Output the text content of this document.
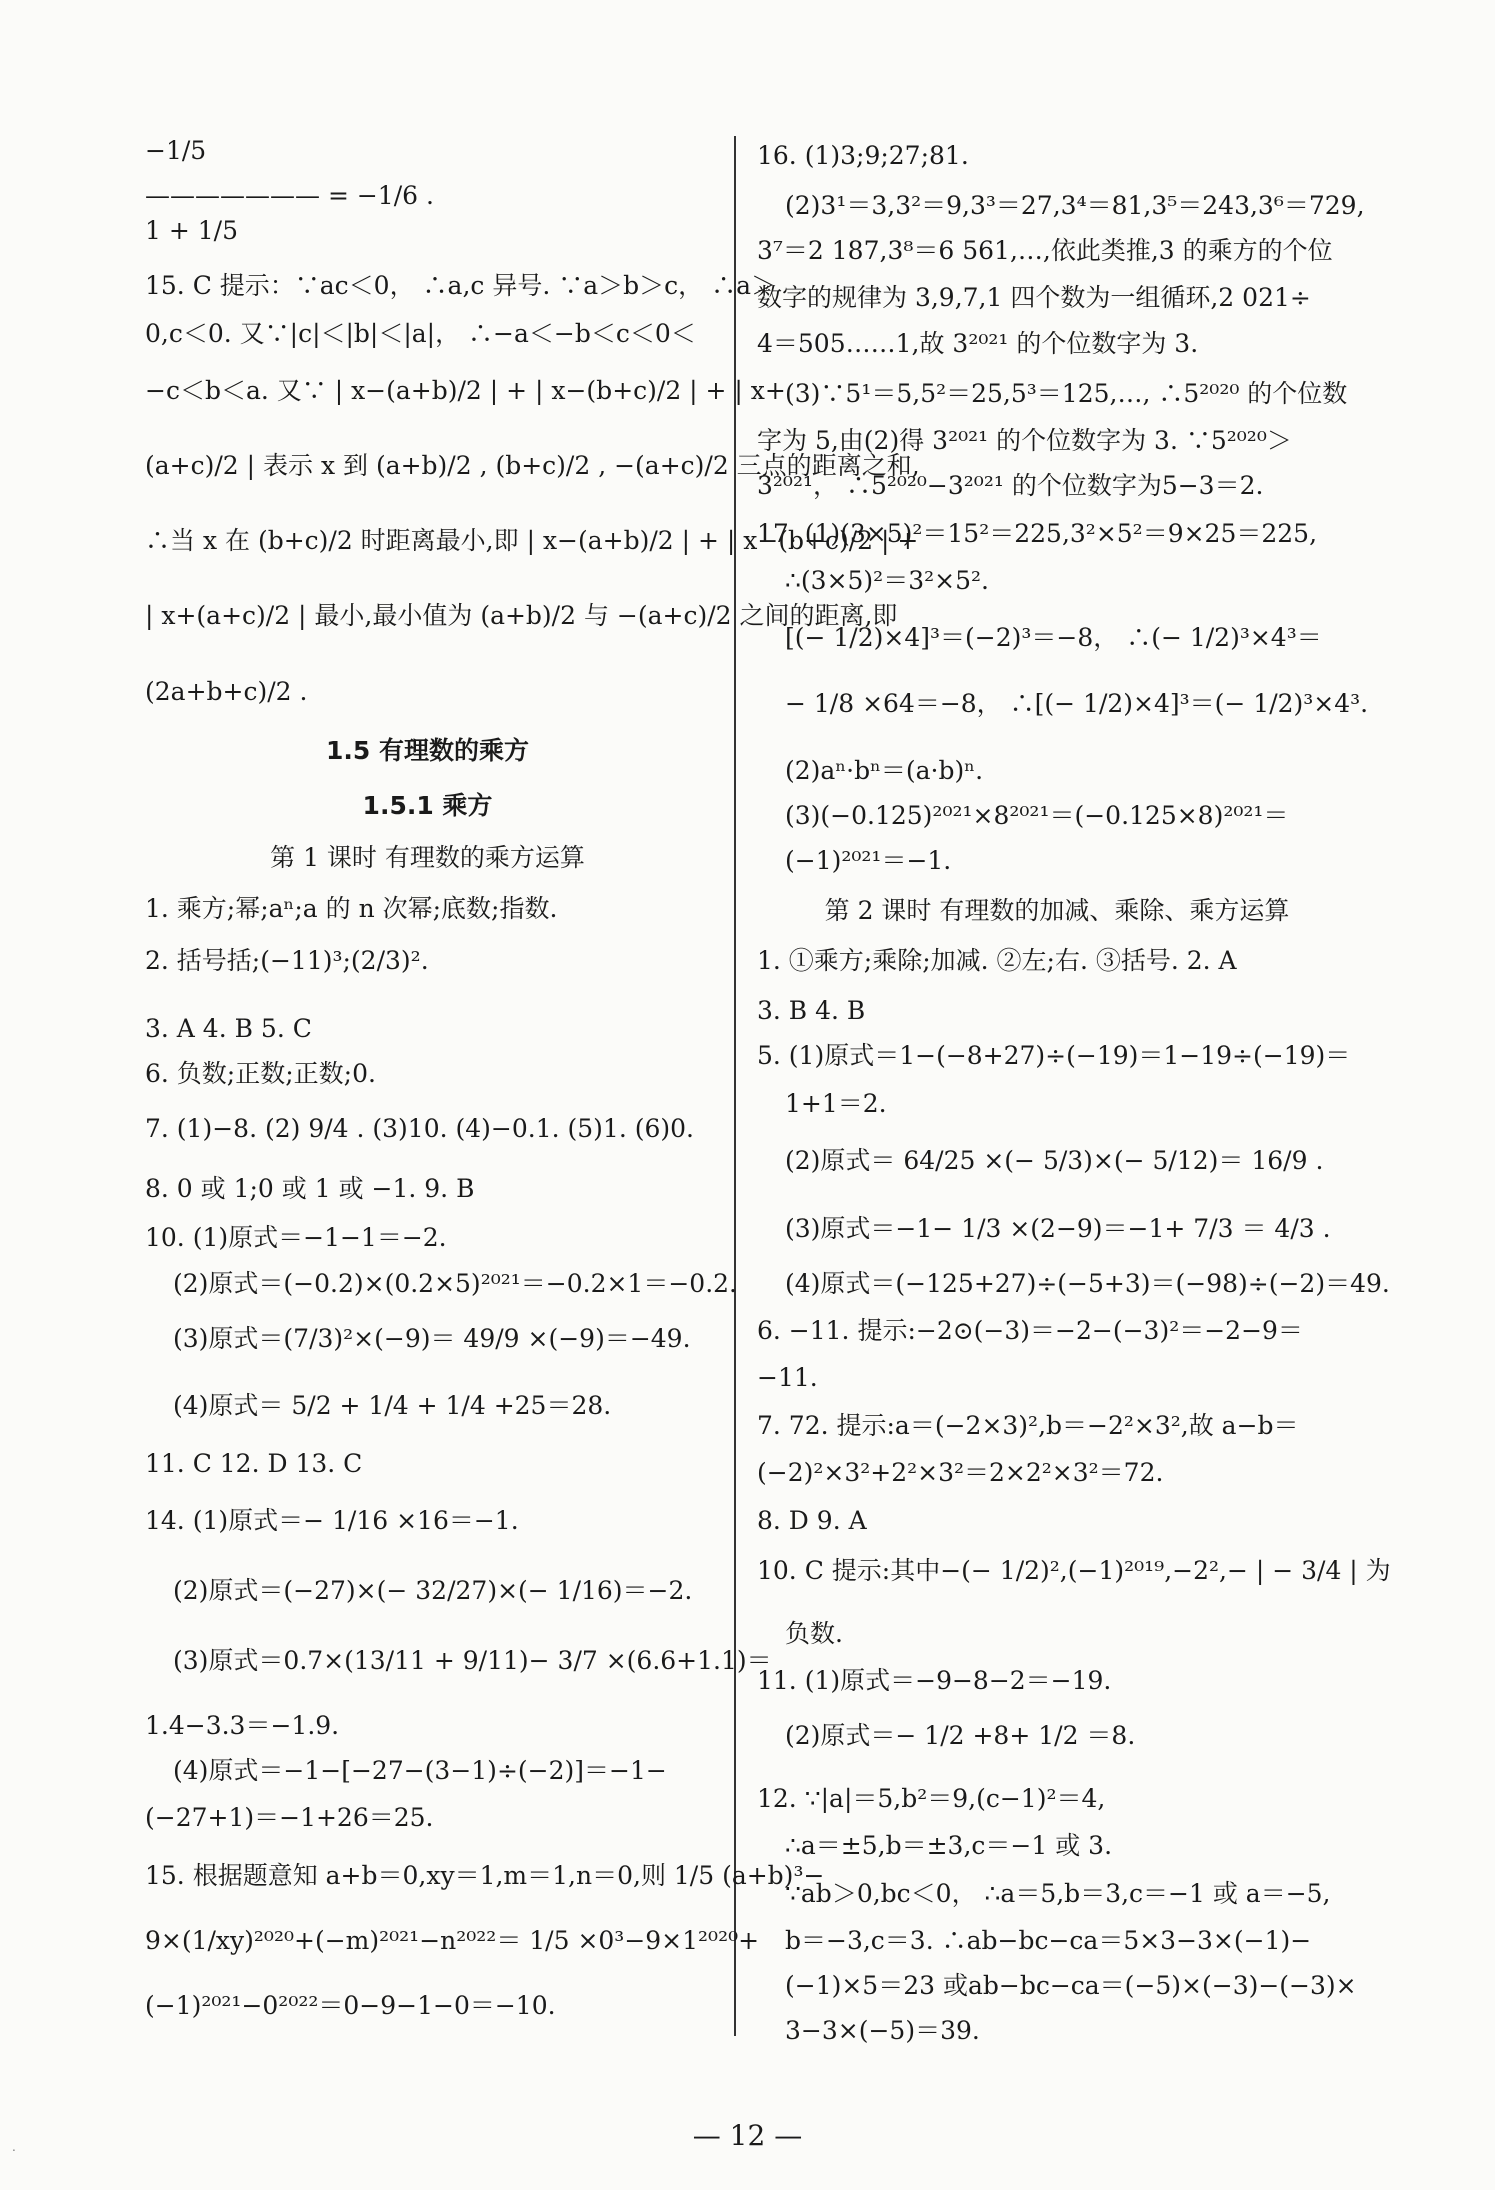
−1/5
——————— = −1/6 .
1 + 1/5
15. C 提示：∵ac＜0， ∴a,c 异号. ∵a＞b＞c， ∴a＞
0,c＜0. 又∵|c|＜|b|＜|a|， ∴−a＜−b＜c＜0＜
−c＜b＜a. 又∵ | x−(a+b)/2 | + | x−(b+c)/2 | + | x+
(a+c)/2 | 表示 x 到 (a+b)/2 , (b+c)/2 , −(a+c)/2 三点的距离之和,
∴当 x 在 (b+c)/2 时距离最小,即 | x−(a+b)/2 | + | x−(b+c)/2 | +
| x+(a+c)/2 | 最小,最小值为 (a+b)/2 与 −(a+c)/2 之间的距离,即
(2a+b+c)/2 .
1.5 有理数的乘方
1.5.1 乘方
第 1 课时 有理数的乘方运算
1. 乘方;幂;aⁿ;a 的 n 次幂;底数;指数.
2. 括号括;(−11)³;(2/3)².
3. A 4. B 5. C
6. 负数;正数;正数;0.
7. (1)−8. (2) 9/4 . (3)10. (4)−0.1. (5)1. (6)0.
8. 0 或 1;0 或 1 或 −1. 9. B
10. (1)原式＝−1−1＝−2.
(2)原式＝(−0.2)×(0.2×5)²⁰²¹＝−0.2×1＝−0.2.
(3)原式＝(7/3)²×(−9)＝ 49/9 ×(−9)＝−49.
(4)原式＝ 5/2 + 1/4 + 1/4 +25＝28.
11. C 12. D 13. C
14. (1)原式＝− 1/16 ×16＝−1.
(2)原式＝(−27)×(− 32/27)×(− 1/16)＝−2.
(3)原式＝0.7×(13/11 + 9/11)− 3/7 ×(6.6+1.1)＝
1.4−3.3＝−1.9.
(4)原式＝−1−[−27−(3−1)÷(−2)]＝−1−
(−27+1)＝−1+26＝25.
15. 根据题意知 a+b＝0,xy＝1,m＝1,n＝0,则 1/5 (a+b)³−
9×(1/xy)²⁰²⁰+(−m)²⁰²¹−n²⁰²²＝ 1/5 ×0³−9×1²⁰²⁰+
(−1)²⁰²¹−0²⁰²²＝0−9−1−0＝−10.
16. (1)3;9;27;81.
(2)3¹＝3,3²＝9,3³＝27,3⁴＝81,3⁵＝243,3⁶＝729,
3⁷＝2 187,3⁸＝6 561,…,依此类推,3 的乘方的个位
数字的规律为 3,9,7,1 四个数为一组循环,2 021÷
4＝505……1,故 3²⁰²¹ 的个位数字为 3.
(3)∵5¹＝5,5²＝25,5³＝125,…, ∴5²⁰²⁰ 的个位数
字为 5,由(2)得 3²⁰²¹ 的个位数字为 3. ∵5²⁰²⁰＞
3²⁰²¹， ∴5²⁰²⁰−3²⁰²¹ 的个位数字为5−3＝2.
17. (1)(3×5)²＝15²＝225,3²×5²＝9×25＝225,
∴(3×5)²＝3²×5².
[(− 1/2)×4]³＝(−2)³＝−8， ∴(− 1/2)³×4³＝
− 1/8 ×64＝−8， ∴[(− 1/2)×4]³＝(− 1/2)³×4³.
(2)aⁿ·bⁿ＝(a·b)ⁿ.
(3)(−0.125)²⁰²¹×8²⁰²¹＝(−0.125×8)²⁰²¹＝
(−1)²⁰²¹＝−1.
第 2 课时 有理数的加减、乘除、乘方运算
1. ①乘方;乘除;加减. ②左;右. ③括号. 2. A
3. B 4. B
5. (1)原式＝1−(−8+27)÷(−19)＝1−19÷(−19)＝
1+1＝2.
(2)原式＝ 64/25 ×(− 5/3)×(− 5/12)＝ 16/9 .
(3)原式＝−1− 1/3 ×(2−9)＝−1+ 7/3 ＝ 4/3 .
(4)原式＝(−125+27)÷(−5+3)＝(−98)÷(−2)＝49.
6. −11. 提示:−2⊙(−3)＝−2−(−3)²＝−2−9＝
−11.
7. 72. 提示:a＝(−2×3)²,b＝−2²×3²,故 a−b＝
(−2)²×3²+2²×3²＝2×2²×3²＝72.
8. D 9. A
10. C 提示:其中−(− 1/2)²,(−1)²⁰¹⁹,−2²,− | − 3/4 | 为
负数.
11. (1)原式＝−9−8−2＝−19.
(2)原式＝− 1/2 +8+ 1/2 ＝8.
12. ∵|a|＝5,b²＝9,(c−1)²＝4,
∴a＝±5,b＝±3,c＝−1 或 3.
∵ab＞0,bc＜0， ∴a＝5,b＝3,c＝−1 或 a＝−5,
b＝−3,c＝3. ∴ab−bc−ca＝5×3−3×(−1)−
(−1)×5＝23 或ab−bc−ca＝(−5)×(−3)−(−3)×
3−3×(−5)＝39.
— 12 —
.
